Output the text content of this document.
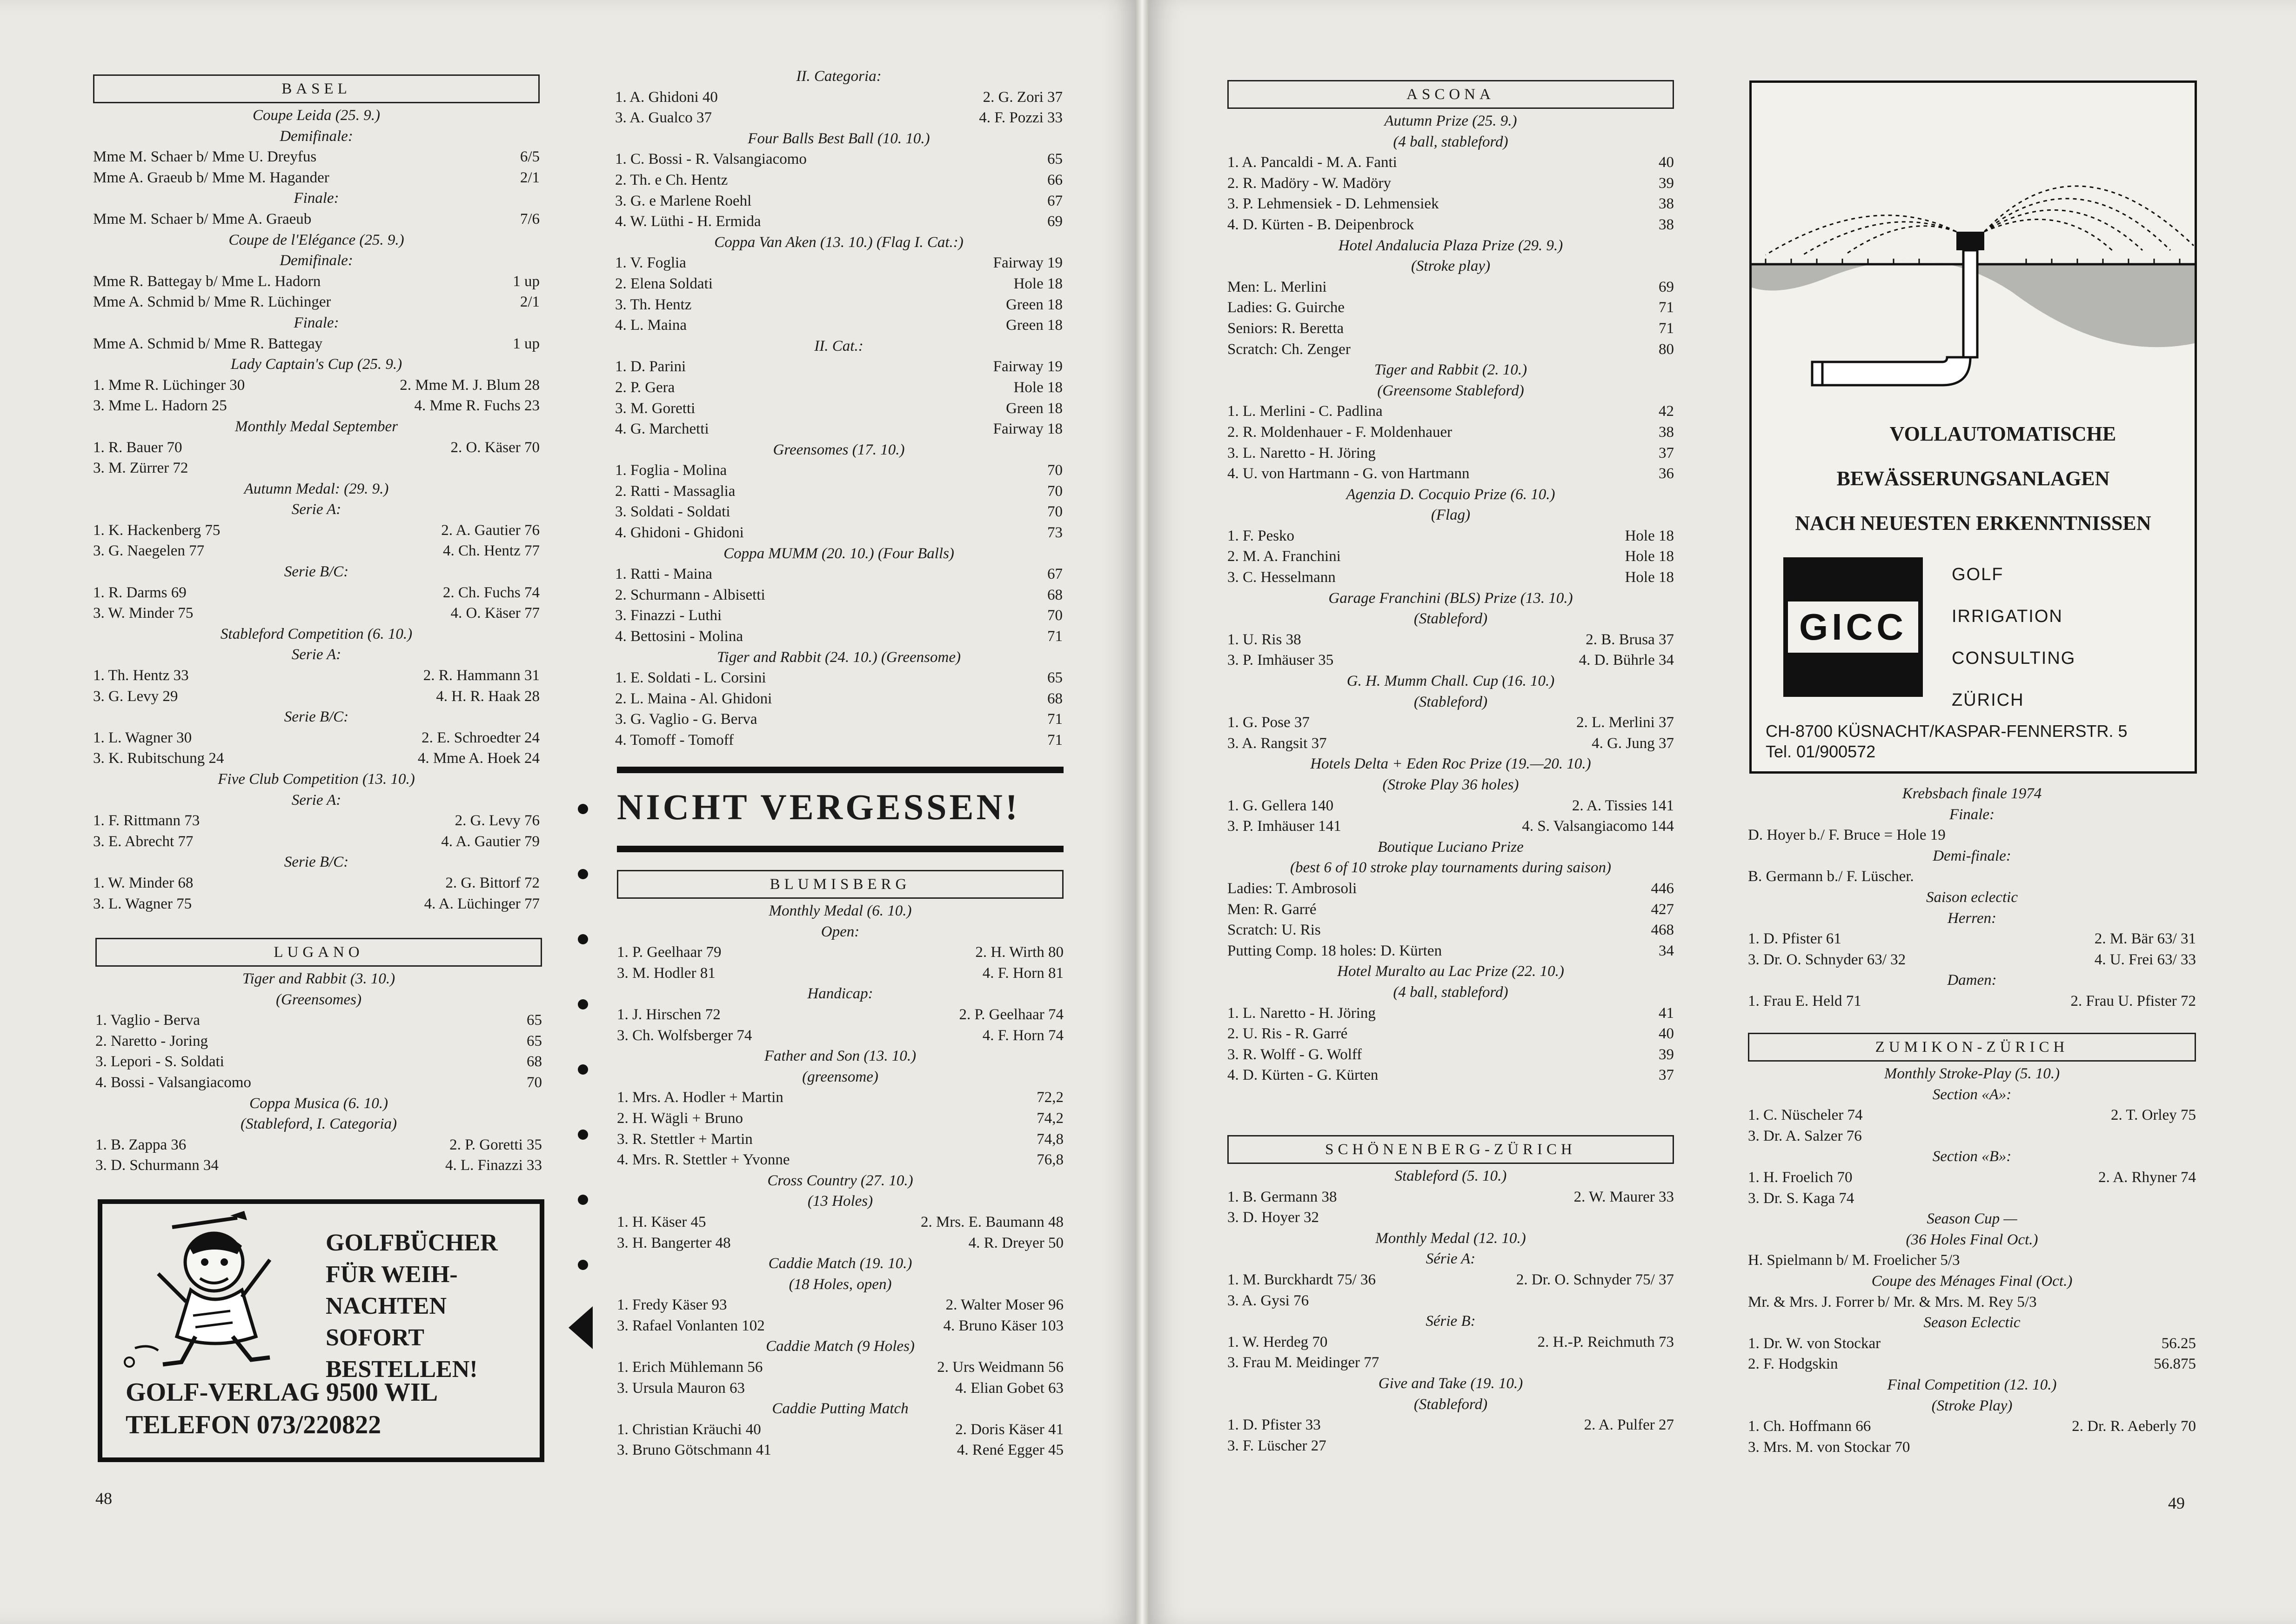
BASEL
Coupe Leida (25. 9.)
Demifinale:
Mme M. Schaer b/ Mme U. Dreyfus	6/5
Mme A. Graeub b/ Mme M. Hagander	2/1
Finale:
Mme M. Schaer b/ Mme A. Graeub	7/6
Coupe de l'Elégance (25. 9.)
Demifinale:
Mme R. Battegay b/ Mme L. Hadorn	1 up
Mme A. Schmid b/ Mme R. Lüchinger	2/1
Finale:
Mme A. Schmid b/ Mme R. Battegay	1 up
Lady Captain's Cup (25. 9.)
1. Mme R. Lüchinger 30	2. Mme M. J. Blum 28
3. Mme L. Hadorn 25	4. Mme R. Fuchs 23
Monthly Medal September
1. R. Bauer 70	2. O. Käser 70
3. M. Zürrer 72
Autumn Medal: (29. 9.)
Serie A:
1. K. Hackenberg 75	2. A. Gautier 76
3. G. Naegelen 77	4. Ch. Hentz 77
Serie B/C:
1. R. Darms 69	2. Ch. Fuchs 74
3. W. Minder 75	4. O. Käser 77
Stableford Competition (6. 10.)
Serie A:
1. Th. Hentz 33	2. R. Hammann 31
3. G. Levy 29	4. H. R. Haak 28
Serie B/C:
1. L. Wagner 30	2. E. Schroedter 24
3. K. Rubitschung 24	4. Mme A. Hoek 24
Five Club Competition (13. 10.)
Serie A:
1. F. Rittmann 73	2. G. Levy 76
3. E. Abrecht 77	4. A. Gautier 79
Serie B/C:
1. W. Minder 68	2. G. Bittorf 72
3. L. Wagner 75	4. A. Lüchinger 77
LUGANO
Tiger and Rabbit (3. 10.)
(Greensomes)
1. Vaglio - Berva	65
2. Naretto - Joring	65
3. Lepori - S. Soldati	68
4. Bossi - Valsangiacomo	70
Coppa Musica (6. 10.)
(Stableford, I. Categoria)
1. B. Zappa 36	2. P. Goretti 35
3. D. Schurmann 34	4. L. Finazzi 33
GOLFBÜCHER
FÜR WEIH-
NACHTEN
SOFORT
BESTELLEN!
GOLF-VERLAG 9500 WIL
TELEFON 073/220822
II. Categoria:
1. A. Ghidoni 40	2. G. Zori 37
3. A. Gualco 37	4. F. Pozzi 33
Four Balls Best Ball (10. 10.)
1. C. Bossi - R. Valsangiacomo	65
2. Th. e Ch. Hentz	66
3. G. e Marlene Roehl	67
4. W. Lüthi - H. Ermida	69
Coppa Van Aken (13. 10.) (Flag I. Cat.:)
1. V. Foglia	Fairway 19
2. Elena Soldati	Hole 18
3. Th. Hentz	Green 18
4. L. Maina	Green 18
II. Cat.:
1. D. Parini	Fairway 19
2. P. Gera	Hole 18
3. M. Goretti	Green 18
4. G. Marchetti	Fairway 18
Greensomes (17. 10.)
1. Foglia - Molina	70
2. Ratti - Massaglia	70
3. Soldati - Soldati	70
4. Ghidoni - Ghidoni	73
Coppa MUMM (20. 10.) (Four Balls)
1. Ratti - Maina	67
2. Schurmann - Albisetti	68
3. Finazzi - Luthi	70
4. Bettosini - Molina	71
Tiger and Rabbit (24. 10.) (Greensome)
1. E. Soldati - L. Corsini	65
2. L. Maina - Al. Ghidoni	68
3. G. Vaglio - G. Berva	71
4. Tomoff - Tomoff	71
NICHT VERGESSEN!
BLUMISBERG
Monthly Medal (6. 10.)
Open:
1. P. Geelhaar 79	2. H. Wirth 80
3. M. Hodler 81	4. F. Horn 81
Handicap:
1. J. Hirschen 72	2. P. Geelhaar 74
3. Ch. Wolfsberger 74	4. F. Horn 74
Father and Son (13. 10.)
(greensome)
1. Mrs. A. Hodler + Martin	72,2
2. H. Wägli + Bruno	74,2
3. R. Stettler + Martin	74,8
4. Mrs. R. Stettler + Yvonne	76,8
Cross Country (27. 10.)
(13 Holes)
1. H. Käser 45	2. Mrs. E. Baumann 48
3. H. Bangerter 48	4. R. Dreyer 50
Caddie Match (19. 10.)
(18 Holes, open)
1. Fredy Käser 93	2. Walter Moser 96
3. Rafael Vonlanten 102	4. Bruno Käser 103
Caddie Match (9 Holes)
1. Erich Mühlemann 56	2. Urs Weidmann 56
3. Ursula Mauron 63	4. Elian Gobet 63
Caddie Putting Match
1. Christian Kräuchi 40	2. Doris Käser 41
3. Bruno Götschmann 41	4. René Egger 45
48
ASCONA
Autumn Prize (25. 9.)
(4 ball, stableford)
1. A. Pancaldi - M. A. Fanti	40
2. R. Madöry - W. Madöry	39
3. P. Lehmensiek - D. Lehmensiek	38
4. D. Kürten - B. Deipenbrock	38
Hotel Andalucia Plaza Prize (29. 9.)
(Stroke play)
Men: L. Merlini	69
Ladies: G. Guirche	71
Seniors: R. Beretta	71
Scratch: Ch. Zenger	80
Tiger and Rabbit (2. 10.)
(Greensome Stableford)
1. L. Merlini - C. Padlina	42
2. R. Moldenhauer - F. Moldenhauer	38
3. L. Naretto - H. Jöring	37
4. U. von Hartmann - G. von Hartmann	36
Agenzia D. Cocquio Prize (6. 10.)
(Flag)
1. F. Pesko	Hole 18
2. M. A. Franchini	Hole 18
3. C. Hesselmann	Hole 18
Garage Franchini (BLS) Prize (13. 10.)
(Stableford)
1. U. Ris 38	2. B. Brusa 37
3. P. Imhäuser 35	4. D. Bührle 34
G. H. Mumm Chall. Cup (16. 10.)
(Stableford)
1. G. Pose 37	2. L. Merlini 37
3. A. Rangsit 37	4. G. Jung 37
Hotels Delta + Eden Roc Prize (19.—20. 10.)
(Stroke Play 36 holes)
1. G. Gellera 140	2. A. Tissies 141
3. P. Imhäuser 141	4. S. Valsangiacomo 144
Boutique Luciano Prize
(best 6 of 10 stroke play tournaments during saison)
Ladies: T. Ambrosoli	446
Men: R. Garré	427
Scratch: U. Ris	468
Putting Comp. 18 holes: D. Kürten	34
Hotel Muralto au Lac Prize (22. 10.)
(4 ball, stableford)
1. L. Naretto - H. Jöring	41
2. U. Ris - R. Garré	40
3. R. Wolff - G. Wolff	39
4. D. Kürten - G. Kürten	37
SCHÖNENBERG-ZÜRICH
Stableford (5. 10.)
1. B. Germann 38	2. W. Maurer 33
3. D. Hoyer 32
Monthly Medal (12. 10.)
Série A:
1. M. Burckhardt 75/ 36	2. Dr. O. Schnyder 75/ 37
3. A. Gysi 76
Série B:
1. W. Herdeg 70	2. H.-P. Reichmuth 73
3. Frau M. Meidinger 77
Give and Take (19. 10.)
(Stableford)
1. D. Pfister 33	2. A. Pulfer 27
3. F. Lüscher 27
VOLLAUTOMATISCHE
BEWÄSSERUNGSANLAGEN
NACH NEUESTEN ERKENNTNISSEN
GICC
GOLF
IRRIGATION
CONSULTING
ZÜRICH
CH-8700 KÜSNACHT/KASPAR-FENNERSTR. 5
Tel. 01/900572
Krebsbach finale 1974
Finale:
D. Hoyer b./ F. Bruce = Hole 19
Demi-finale:
B. Germann b./ F. Lüscher.
Saison eclectic
Herren:
1. D. Pfister 61	2. M. Bär 63/ 31
3. Dr. O. Schnyder 63/ 32	4. U. Frei 63/ 33
Damen:
1. Frau E. Held 71	2. Frau U. Pfister 72
ZUMIKON-ZÜRICH
Monthly Stroke-Play (5. 10.)
Section «A»:
1. C. Nüscheler 74	2. T. Orley 75
3. Dr. A. Salzer 76
Section «B»:
1. H. Froelich 70	2. A. Rhyner 74
3. Dr. S. Kaga 74
Season Cup —
(36 Holes Final Oct.)
H. Spielmann b/ M. Froelicher 5/3
Coupe des Ménages Final (Oct.)
Mr. & Mrs. J. Forrer b/ Mr. & Mrs. M. Rey 5/3
Season Eclectic
1. Dr. W. von Stockar	56.25
2. F. Hodgskin	56.875
Final Competition (12. 10.)
(Stroke Play)
1. Ch. Hoffmann 66	2. Dr. R. Aeberly 70
3. Mrs. M. von Stockar 70
49
